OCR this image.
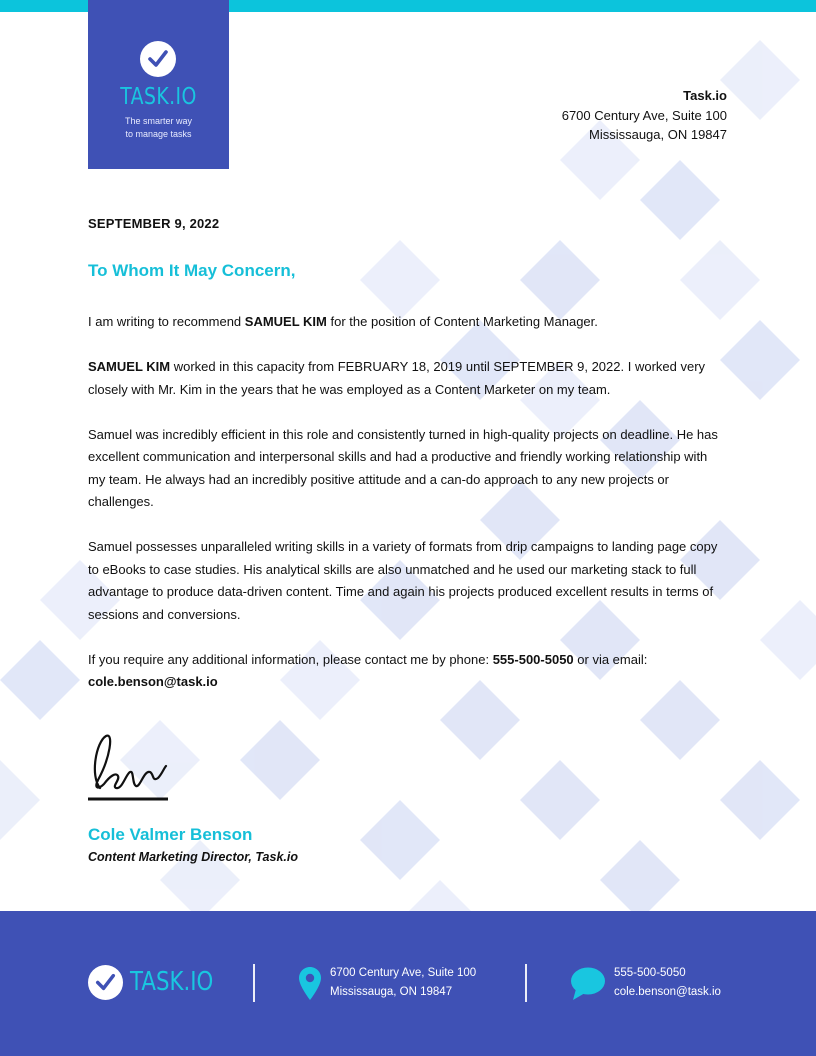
TASK.IO
The smarter way
to manage tasks
Task.io
6700 Century Ave, Suite 100
Mississauga, ON 19847
SEPTEMBER 9, 2022
To Whom It May Concern,

I am writing to recommend SAMUEL KIM for the position of Content Marketing Manager.

SAMUEL KIM worked in this capacity from FEBRUARY 18, 2019 until SEPTEMBER 9, 2022. I worked very closely with Mr. Kim in the years that he was employed as a Content Marketer on my team.

Samuel was incredibly efficient in this role and consistently turned in high-quality projects on deadline. He has excellent communication and interpersonal skills and had a productive and friendly working relationship with my team. He always had an incredibly positive attitude and a can-do approach to any new projects or challenges.

Samuel possesses unparalleled writing skills in a variety of formats from drip campaigns to landing page copy to eBooks to case studies. His analytical skills are also unmatched and he used our marketing stack to full advantage to produce data-driven content. Time and again his projects produced excellent results in terms of sessions and conversions.

If you require any additional information, please contact me by phone: 555-500-5050 or via email:
cole.benson@task.io

Cole Valmer Benson
Content Marketing Director, Task.io
TASK.IO	6700 Century Ave, Suite 100
Mississauga, ON 19847
555-500-5050
cole.benson@task.io
